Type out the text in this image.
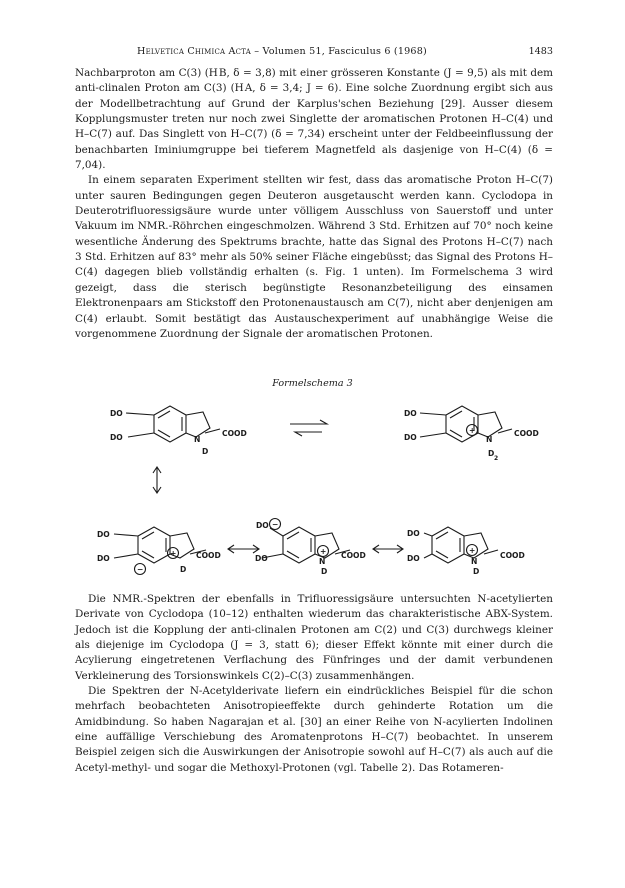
Helvetica Chimica Acta – Volumen 51, Fasciculus 6 (1968)	1483

Nachbarproton am C(3) (H B, δ = 3,8) mit einer grösseren Konstante (J = 9,5) als mit dem anti-clinalen Proton am C(3) (H A, δ = 3,4; J = 6). Eine solche Zuordnung ergibt sich aus der Modellbetrachtung auf Grund der Karplus'schen Beziehung [29]. Ausser diesem Kopplungsmuster treten nur noch zwei Singlette der aromatischen Protonen H–C(4) und H–C(7) auf. Das Singlett von H–C(7) (δ = 7,34) erscheint unter der Feldbeeinflussung der benachbarten Iminiumgruppe bei tieferem Magnetfeld als dasjenige von H–C(4) (δ = 7,04).

In einem separaten Experiment stellten wir fest, dass das aromatische Proton H–C(7) unter sauren Bedingungen gegen Deuteron ausgetauscht werden kann. Cyclodopa in Deuterotrifluoressigsäure wurde unter völligem Ausschluss von Sauerstoff und unter Vakuum im NMR.-Röhrchen eingeschmolzen. Während 3 Std. Erhitzen auf 70° noch keine wesentliche Änderung des Spektrums brachte, hatte das Signal des Protons H–C(7) nach 3 Std. Erhitzen auf 83° mehr als 50% seiner Fläche eingebüsst; das Signal des Protons H–C(4) dagegen blieb vollständig erhalten (s. Fig. 1 unten). Im Formelschema 3 wird gezeigt, dass die sterisch begünstigte Resonanzbeteiligung des einsamen Elektronenpaars am Stickstoff den Protonenaustausch am C(7), nicht aber denjenigen am C(4) erlaubt. Somit bestätigt das Austauschexperiment auf unabhängige Weise die vorgenommene Zuordnung der Signale der aromatischen Protonen.

Formelschema 3
DO
DO	N
D
COOD	+
DO
DO	N
D
2
COOD
+
−
DO
DO
D
COOD
−
+
DO
DO	N
D
COOD
+
DO
DO	N
D
COOD

Die NMR.-Spektren der ebenfalls in Trifluoressigsäure untersuchten N-acetylierten Derivate von Cyclodopa (10–12) enthalten wiederum das charakteristische ABX-System. Jedoch ist die Kopplung der anti-clinalen Protonen am C(2) und C(3) durchwegs kleiner als diejenige im Cyclodopa (J = 3, statt 6); dieser Effekt könnte mit einer durch die Acylierung eingetretenen Verflachung des Fünfringes und der damit verbundenen Verkleinerung des Torsionswinkels C(2)–C(3) zusammenhängen.

Die Spektren der N-Acetylderivate liefern ein eindrückliches Beispiel für die schon mehrfach beobachteten Anisotropieeffekte durch gehinderte Rotation um die Amidbindung. So haben Nagarajan et al. [30] an einer Reihe von N-acylierten Indolinen eine auffällige Verschiebung des Aromatenprotons H–C(7) beobachtet. In unserem Beispiel zeigen sich die Auswirkungen der Anisotropie sowohl auf H–C(7) als auch auf die Acetyl-methyl- und sogar die Methoxyl-Protonen (vgl. Tabelle 2). Das Rotameren-
